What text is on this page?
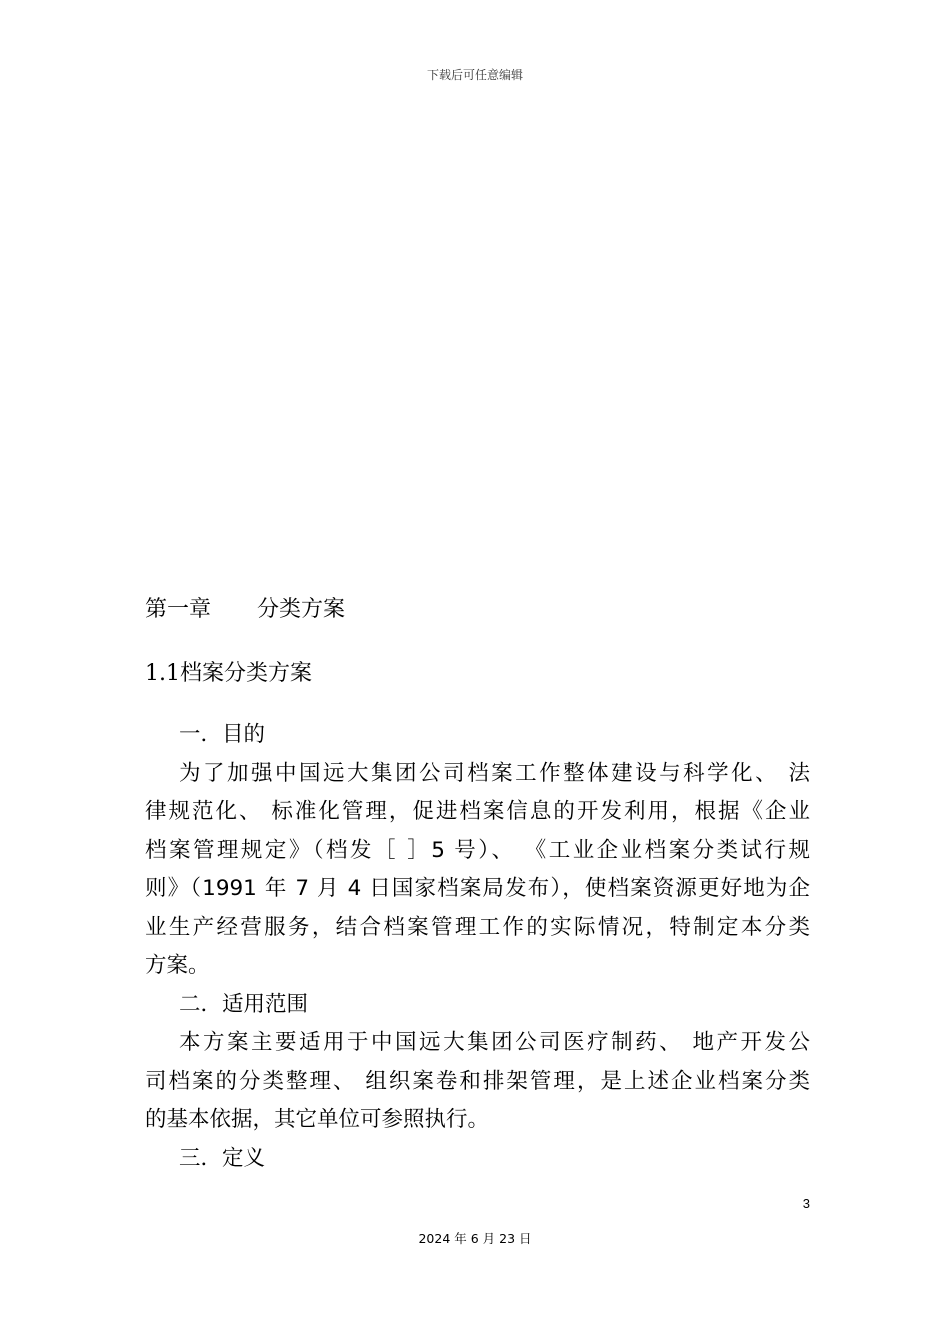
下载后可任意编辑
第一章 分类方案
1.1档案分类方案
一．目的
为了加强中国远大集团公司档案工作整体建设与科学化、 法
律规范化、 标准化管理，促进档案信息的开发利用，根据《企业
档案管理规定》（档发［ ］5 号）、 《工业企业档案分类试行规
则》（1991 年 7 月 4 日国家档案局发布），使档案资源更好地为企
业生产经营服务，结合档案管理工作的实际情况，特制定本分类
方案。
二．适用范围
本方案主要适用于中国远大集团公司医疗制药、 地产开发公
司档案的分类整理、 组织案卷和排架管理，是上述企业档案分类
的基本依据，其它单位可参照执行。
三．定义
3
2024 年 6 月 23 日
